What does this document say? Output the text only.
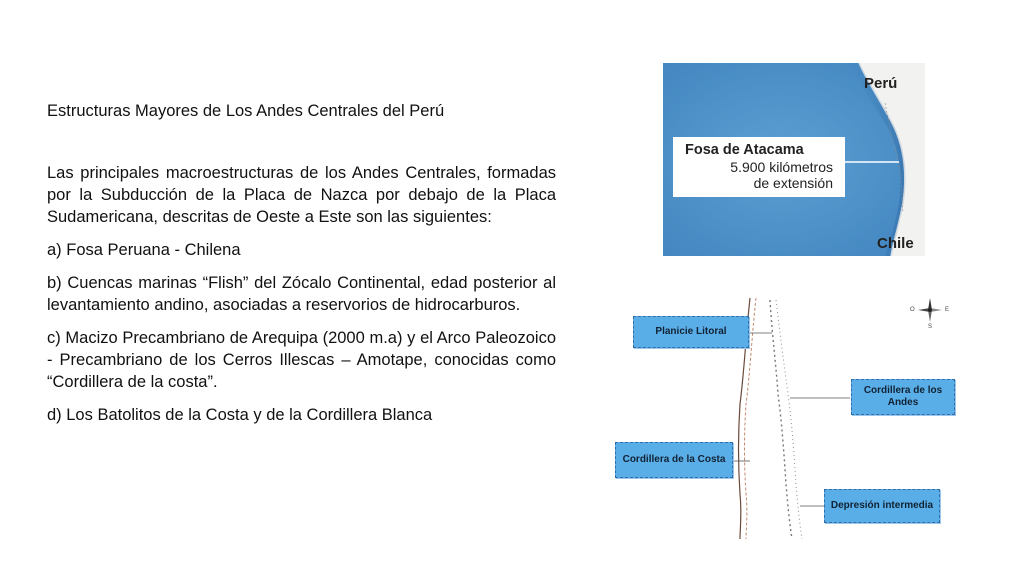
Estructuras Mayores de Los Andes Centrales del Perú

Las principales macroestructuras de los Andes Centrales, formadas por la Subducción de la Placa de Nazca por debajo de la Placa Sudamericana, descritas de Oeste a Este son las siguientes:

a) Fosa Peruana - Chilena

b) Cuencas marinas “Flish” del Zócalo Continental, edad posterior al levantamiento andino, asociadas a reservorios de hidrocarburos.

c) Macizo Precambriano de Arequipa (2000 m.a) y el Arco Paleozoico - Precambriano de los Cerros Illescas – Amotape, conocidas como “Cordillera de la costa”.

d) Los Batolitos de la Costa y de la Cordillera Blanca

Perú
Chile
Fosa de Atacama
5.900 kilómetros
de extensión
Planicie Litoral
Cordillera de los Andes
Cordillera de la Costa
Depresión intermedia
O	E
S
